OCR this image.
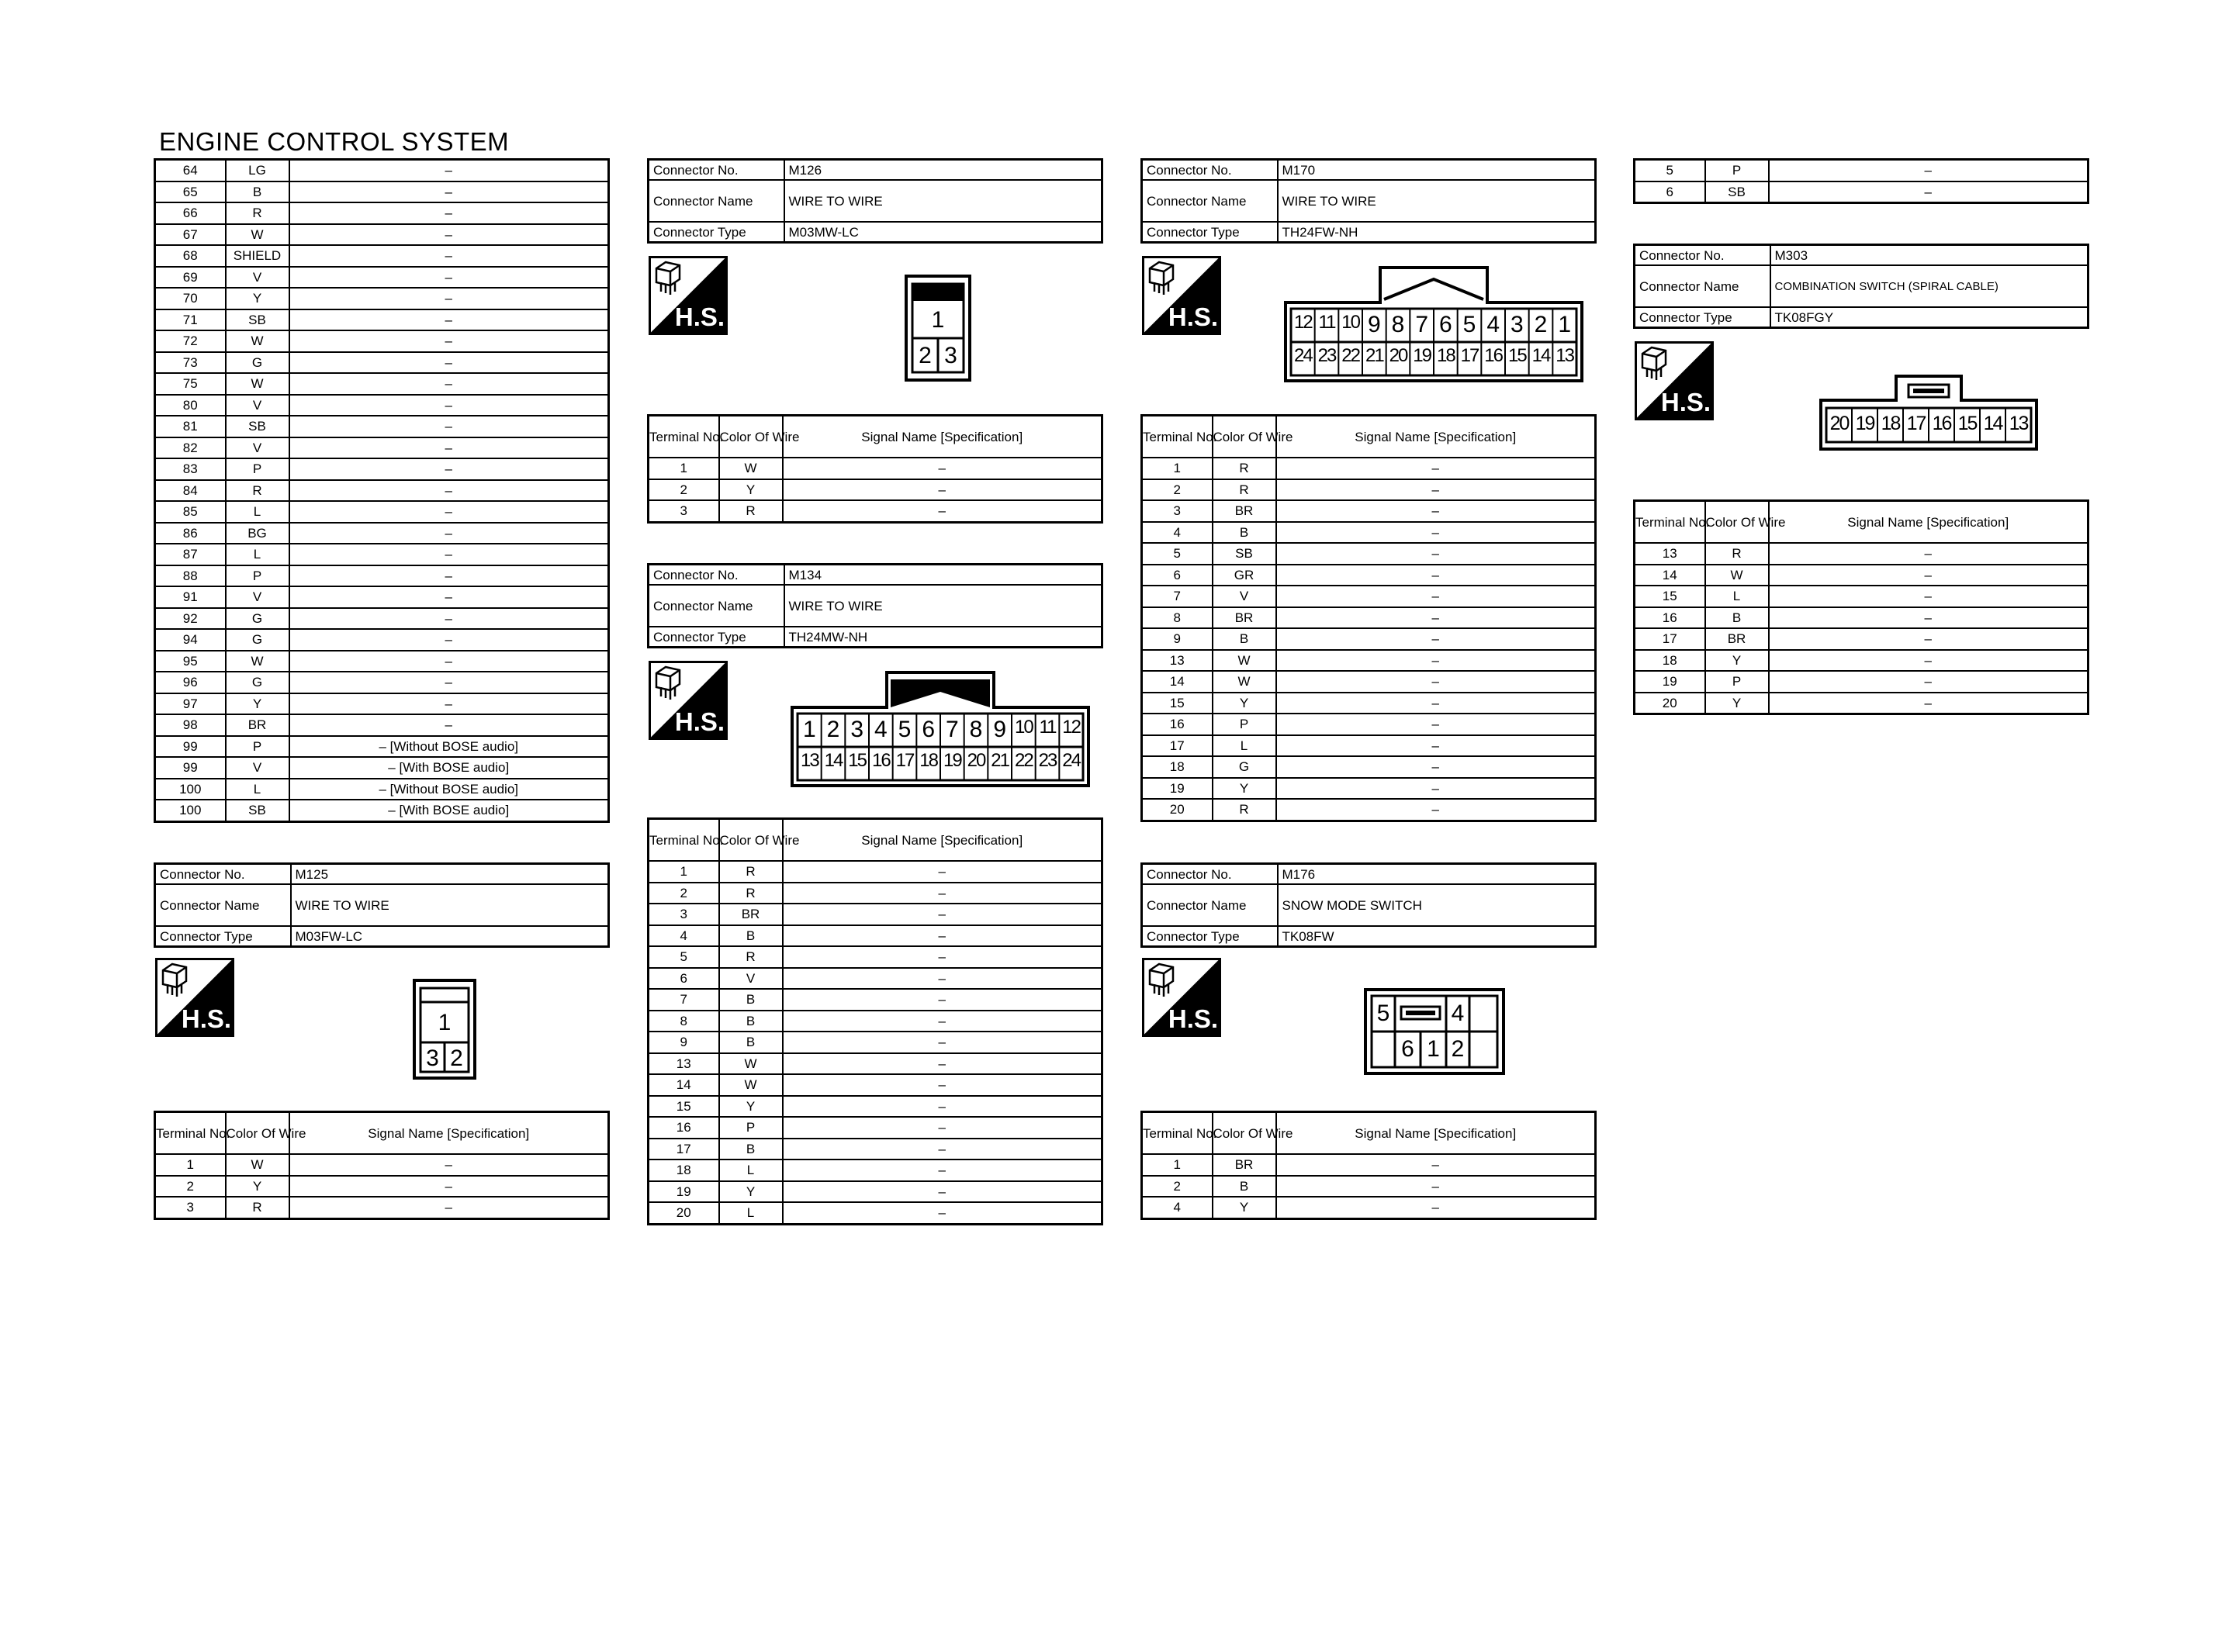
ENGINE CONTROL SYSTEM
64	LG	–
65	B	–
66	R	–
67	W	–
68	SHIELD	–
69	V	–
70	Y	–
71	SB	–
72	W	–
73	G	–
75	W	–
80	V	–
81	SB	–
82	V	–
83	P	–
84	R	–
85	L	–
86	BG	–
87	L	–
88	P	–
91	V	–
92	G	–
94	G	–
95	W	–
96	G	–
97	Y	–
98	BR	–
99	P	– [Without BOSE audio]
99	V	– [With BOSE audio]
100	L	– [Without BOSE audio]
100	SB	– [With BOSE audio]
Connector No.	M125
Connector Name	WIRE TO WIRE
Connector Type	M03FW-LC
H.S.	1
3 2
Terminal No.	Color Of Wire	Signal Name [Specification]
1	W	–
2	Y	–
3	R	–
Connector No.	M126
Connector Name	WIRE TO WIRE
Connector Type	M03MW-LC
H.S.	1
2 3
Terminal No.	Color Of Wire	Signal Name [Specification]
1	W	–
2	Y	–
3	R	–
Connector No.	M134
Connector Name	WIRE TO WIRE
Connector Type	TH24MW-NH
H.S.	1 2 3 4 5 6 7 8 9 10 11 12
13 14 15 16 17 18 19 20 21 22 23 24
Terminal No.	Color Of Wire	Signal Name [Specification]
1	R	–
2	R	–
3	BR	–
4	B	–
5	R	–
6	V	–
7	B	–
8	B	–
9	B	–
13	W	–
14	W	–
15	Y	–
16	P	–
17	B	–
18	L	–
19	Y	–
20	L	–
Connector No.	M170
Connector Name	WIRE TO WIRE
Connector Type	TH24FW-NH
H.S.	12 11 10 9 8 7 6 5 4 3 2 1
24 23 22 21 20 19 18 17 16 15 14 13
Terminal No.	Color Of Wire	Signal Name [Specification]
1	R	–
2	R	–
3	BR	–
4	B	–
5	SB	–
6	GR	–
7	V	–
8	BR	–
9	B	–
13	W	–
14	W	–
15	Y	–
16	P	–
17	L	–
18	G	–
19	Y	–
20	R	–
Connector No.	M176
Connector Name	SNOW MODE SWITCH
Connector Type	TK08FW
H.S.	5	4
6 1 2
Terminal No.	Color Of Wire	Signal Name [Specification]
1	BR	–
2	B	–
4	Y	–
5	P	–
6	SB	–
Connector No.	M303
Connector Name	COMBINATION SWITCH (SPIRAL CABLE)
Connector Type	TK08FGY
H.S.
20 19 18 17 16 15 14 13
Terminal No.	Color Of Wire	Signal Name [Specification]
13	R	–
14	W	–
15	L	–
16	B	–
17	BR	–
18	Y	–
19	P	–
20	Y	–
